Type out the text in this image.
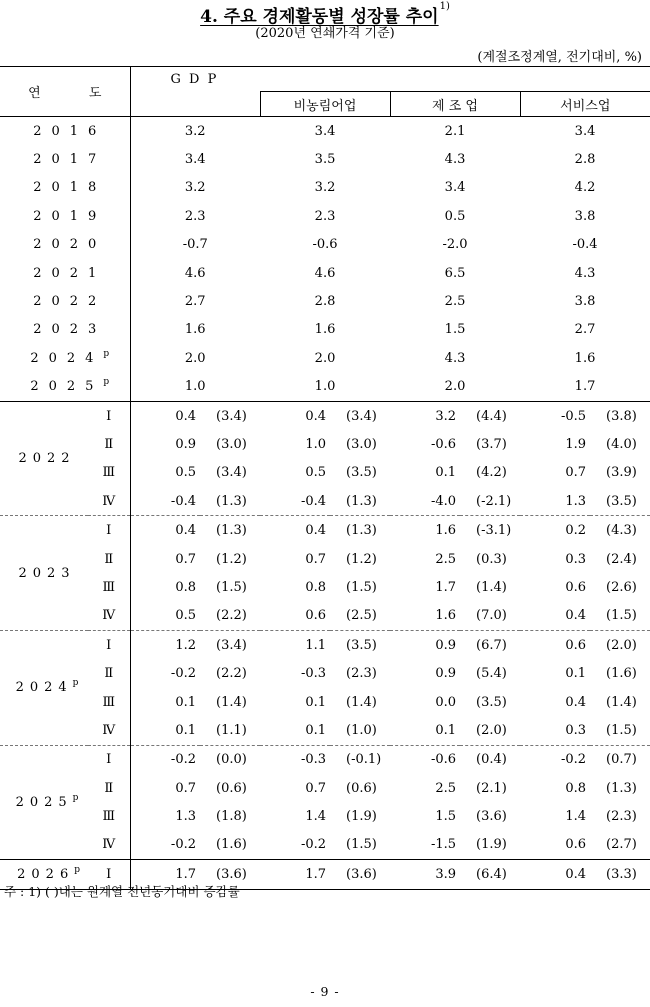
4. 주요 경제활동별 성장률 추이$^{1)}$
(2020년 연쇄가격 기준)
(계절조정계열, 전기대비, %)
연 도		G D P							
				비농림어업		제 조 업		서비스업	
2016		3.2		3.4		2.1		3.4	
2017		3.4		3.5		4.3		2.8	
2018		3.2		3.2		3.4		4.2	
2019		2.3		2.3		0.5		3.8	
2020		-0.7		-0.6		-2.0		-0.4	
2021		4.6		4.6		6.5		4.3	
2022		2.7		2.8		2.5		3.8	
2023		1.6		1.6		1.5		2.7	
2024$^p$		2.0		2.0		4.3		1.6	
2025$^p$		1.0		1.0		2.0		1.7	
2022	Ⅰ	0.4	(3.4)	0.4	(3.4)	3.2	(4.4)	-0.5	(3.8)
	Ⅱ	0.9	(3.0)	1.0	(3.0)	-0.6	(3.7)	1.9	(4.0)
	Ⅲ	0.5	(3.4)	0.5	(3.5)	0.1	(4.2)	0.7	(3.9)
	Ⅳ	-0.4	(1.3)	-0.4	(1.3)	-4.0	(-2.1)	1.3	(3.5)
2023	Ⅰ	0.4	(1.3)	0.4	(1.3)	1.6	(-3.1)	0.2	(4.3)
	Ⅱ	0.7	(1.2)	0.7	(1.2)	2.5	(0.3)	0.3	(2.4)
	Ⅲ	0.8	(1.5)	0.8	(1.5)	1.7	(1.4)	0.6	(2.6)
	Ⅳ	0.5	(2.2)	0.6	(2.5)	1.6	(7.0)	0.4	(1.5)
2024$^p$	Ⅰ	1.2	(3.4)	1.1	(3.5)	0.9	(6.7)	0.6	(2.0)
	Ⅱ	-0.2	(2.2)	-0.3	(2.3)	0.9	(5.4)	0.1	(1.6)
	Ⅲ	0.1	(1.4)	0.1	(1.4)	0.0	(3.5)	0.4	(1.4)
	Ⅳ	0.1	(1.1)	0.1	(1.0)	0.1	(2.0)	0.3	(1.5)
2025$^p$	Ⅰ	-0.2	(0.0)	-0.3	(-0.1)	-0.6	(0.4)	-0.2	(0.7)
	Ⅱ	0.7	(0.6)	0.7	(0.6)	2.5	(2.1)	0.8	(1.3)
	Ⅲ	1.3	(1.8)	1.4	(1.9)	1.5	(3.6)	1.4	(2.3)
	Ⅳ	-0.2	(1.6)	-0.2	(1.5)	-1.5	(1.9)	0.6	(2.7)
2026$^p$	Ⅰ	1.7	(3.6)	1.7	(3.6)	3.9	(6.4)	0.4	(3.3)
주 : 1) ( )내는 원계열 전년동기대비 증감률
- 9 -
